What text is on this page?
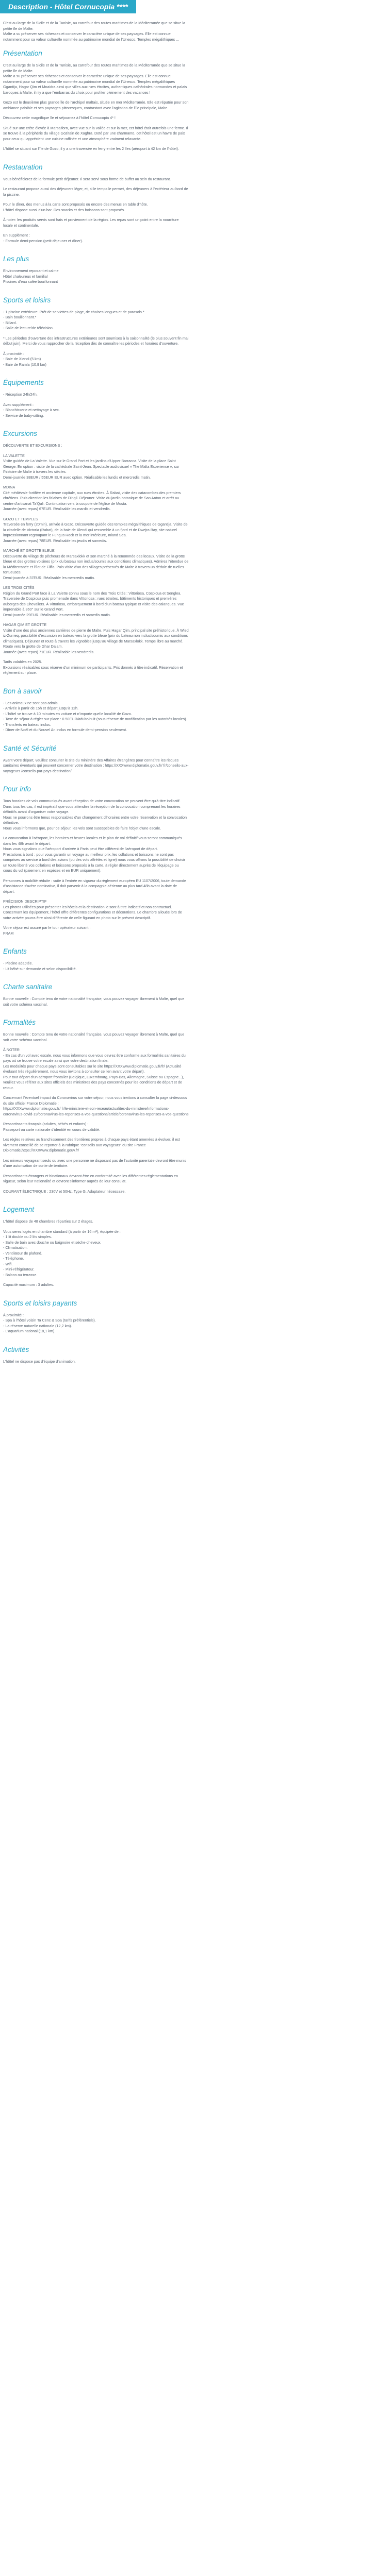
Description - Hôtel Cornucopia ****

C'est au large de la Sicile et de la Tunisie, au carrefour des routes maritimes de la Méditerranée que se situe la petite île de Malte.
Malte a su préserver ses richesses et conserver le caractère unique de ses paysages. Elle est connue notamment pour sa valeur culturelle nommée au patrimoine mondial de l'Unesco. Temples mégalithiques ...

Présentation

C'est au large de la Sicile et de la Tunisie, au carrefour des routes maritimes de la Méditerranée que se situe la petite île de Malte.
Malte a su préserver ses richesses et conserver le caractère unique de ses paysages. Elle est connue notamment pour sa valeur culturelle nommée au patrimoine mondial de l'Unesco. Temples mégalithiques Ggantija, Hagar Qim et Mnaidra ainsi que villes aux rues étroites, authentiques cathédrales normandes et palais baroques à Malte, il n'y a que l'embarras du choix pour profiter pleinement des vacances !

Gozo est le deuxième plus grande île de l'archipel maltais, située en mer Méditerranée. Elle est réputée pour son ambiance paisible et ses paysages pittoresques, contrastant avec l'agitation de l'île principale, Malte.

Découvrez cette magnifique île et séjournez à l'hôtel Cornucopia 4* !

Situé sur une crête élevée à Marsalforn, avec vue sur la vallée et sur la mer, cet hôtel était autrefois une ferme. Il se trouve à la périphérie du village Gozitain de Xagħra. Doté par une charmante, cet hôtel est un havre de paix pour ceux qui apprécient une cuisine raffinée et une atmosphère vraiment relaxante.

L'hôtel se situant sur l'île de Gozo, il y a une traversée en ferry entre les 2 îles (aéroport à 42 km de l'hôtel).

Restauration

Vous bénéficierez de la formule petit déjeuner. Il sera servi sous forme de buffet au sein du restaurant.

Le restaurant propose aussi des déjeuners léger, et, si le temps le permet, des déjeuners à l'extérieur au bord de la piscine.

Pour le dîner, des menus à la carte sont proposés ou encore des menus en table d'hôte.
L'hôtel dispose aussi d'un bar. Des snacks et des boissons sont proposés.

À noter: les produits servis sont frais et proviennent de la région. Les repas sont un point entre la nourriture locale et continentale.

En supplément :
- Formule demi-pension (petit déjeuner et dîner).

Les plus

Environnement reposant et calme
Hôtel chaleureux et familial
Piscines d'eau salée bouillonnant

Sports et loisirs

- 1 piscine extérieure. Prêt de serviettes de plage, de chaises longues et de parasols.*
- Bain bouillonnant.*
- Billard.
- Salle de lecture/de télévision.

* Les périodes d'ouverture des infrastructures extérieures sont soumises à la saisonnalité (le plus souvent fin mai début juin). Merci de vous rapprocher de la réception dès de connaître les périodes et horaires d'ouverture.

À proximité :
- Baie de Xlendi (5 km)
- Baie de Ramla (10,9 km)

Équipements

- Réception 24h/24h.

Avec supplément :
- Blanchisserie et nettoyage à sec.
- Service de baby-sitting.

Excursions

DÉCOUVERTE ET EXCURSIONS :

LA VALETTE
Visite guidée de La Valette. Vue sur le Grand Port et les jardins d'Upper Barracca. Visite de la place Saint George. En option : visite de la cathédrale Saint-Jean. Spectacle audiovisuel « The Malta Experience », sur l'histoire de Malte à travers les siècles.
Demi-journée 38EUR / 55EUR EUR avec option. Réalisable les lundis et mercredis matin.

MDINA
Cité médiévale fortifiée et ancienne capitale, aux rues étroites. À Rabat, visite des catacombes des premiers chrétiens. Puis direction les falaises de Dingli. Déjeuner. Visite du jardin botanique de San Anton et arrêt au centre d'artisanat Ta'Qali. Continuation vers la coupole de l'église de Mosta.
Journée (avec repas) 67EUR. Réalisable les mardis et vendredis.

GOZO ET TEMPLES
Traversée en ferry (20min), arrivée à Gozo. Découverte guidée des temples mégalithiques de Ggantija. Visite de la citadelle de Victoria (Rabat), de la baie de Xlendi qui ressemble à un fjord et de Dwejra Bay, site naturel impressionnant regroupant le Fungus Rock et la mer intérieure, Inland Sea.
Journée (avec repas) 78EUR. Réalisable les jeudis et samedis.

MARCHÉ ET GROTTE BLEUE
Découverte du village de pêcheurs de Marsaxlokk et son marché à la renommée des locaux. Visite de la grotte bleue et des grottes voisines (prix du bateau non inclus/soumis aux conditions climatiques). Admirez l'étendue de la Méditerranée et l'îlot de Filfla. Puis visite d'un des villages préservés de Malte à travers un dédale de ruelles tortueuses.
Demi-journée à 37EUR. Réalisable les mercredis matin.

LES TROIS CITÉS
Région du Grand Port face à La Valette connu sous le nom des Trois Cités : Vittoriosa, Cospicua et Senglea. Traversée de Cospicua puis promenade dans Vittoriosa : rues étroites, bâtiments historiques et premières auberges des Chevaliers. À Vittoriosa, embarquement à bord d'un bateau typique et visite des calanques. Vue imprenable à 360° sur le Grand Port.
Demi-journée 29EUR. Réalisable les mercredis et samedis matin.

HAGAR QIM ET GROTTE
Visite d'une des plus anciennes carrières de pierre de Malte. Puis Hagar Qim, principal site préhistorique. À Wied iż-Żurrieq, possibilité d'excursion en bateau vers la grotte bleue (prix du bateau non inclus/soumis aux conditions climatiques). Déjeuner et route à travers les vignobles jusqu'au village de Marsaxlokk. Temps libre au marché. Route vers la grotte de Ghar Dalam.
Journée (avec repas) 71EUR. Réalisable les vendredis.

Tarifs valables en 2025.
Excursions réalisables sous réserve d'un minimum de participants. Prix donnés à titre indicatif. Réservation et règlement sur place.

Bon à savoir

- Les animaux ne sont pas admis.
- Arrivée à partir de 15h et départ jusqu'à 12h.
- L'hôtel se trouve à 10 minutes en voiture et n'importe quelle localité de Gozo.
- Taxe de séjour à régler sur place : 0.50EUR/adulte/nuit (sous réserve de modification par les autorités locales).
- Transferts en bateau inclus.
- Dîner de Noël et du Nouvel An inclus en formule demi-pension seulement.

Santé et Sécurité

Avant votre départ, veuillez consulter le site du ministère des Affaires étrangères pour connaître les risques sanitaires éventuels qui peuvent concerner votre destination : https://XXXwww.diplomatie.gouv.fr/ fr/conseils-aux-voyageurs /conseils-par-pays-destination/

Pour info

Tous horaires de vols communiqués avant réception de votre convocation ne peuvent être qu'à titre indicatif.
Dans tous les cas, il est impératif que vous attendiez la réception de la convocation comprenant les horaires définitifs avant d'organiser votre voyage.
Nous ne pourrons être tenus responsables d'un changement d'horaires entre votre réservation et la convocation définitive.
Nous vous informons que, pour ce séjour, les vols sont susceptibles de faire l'objet d'une escale.

La convocation à l'aéroport, les horaires et heures locales et le plan de vol définitif vous seront communiqués dans les 48h avant le départ.
Nous vous signalons que l'aéroport d'arrivée à Paris peut être différent de l'aéroport de départ.
Prestations à bord : pour vous garantir un voyage au meilleur prix, les collations et boissons ne sont pas comprises au service à bord des avions (ou des vols affrétés et ligne) nous vous offrons la possibilité de choisir un toute liberté vos collations et boissons proposés à la carte, à régler directement auprès de l'équipage ou cours du vol (paiement en espèces et en EUR uniquement).

Personnes à mobilité réduite : suite à l'entrée en vigueur du règlement européen EU 1107/2006, toute demande d'assistance s'avère nominative, il doit parvenir à la compagnie aérienne au plus tard 48h avant la date de départ.

PRÉCISION DESCRIPTIF
Les photos utilisées pour présenter les hôtels et la destination le sont à titre indicatif et non contractuel. Concernant les équipement, l'hôtel offre différentes configurations et décorations. Le chambre allouée lors de votre arrivée pourra être ainsi différente de celle figurant en photo sur le présent descriptif.

Votre séjour est assuré par le tour opérateur suivant :
FRAM

Enfants

- Piscine adaptée.
- Lit bébé sur demande et selon disponibilité.

Charte sanitaire

Bonne nouvelle : Compte tenu de votre nationalité française, vous pouvez voyager librement à Malte, quel que soit votre schéma vaccinal.

Formalités

Bonne nouvelle : Compte tenu de votre nationalité française, vous pouvez voyager librement à Malte, quel que soit votre schéma vaccinal.

À NOTER
- En cas d'un vol avec escale, nous vous informons que vous devrez être conforme aux formalités sanitaires du pays où se trouve votre escale ainsi que votre destination finale.
Les modalités pour chaque pays sont consultables sur le site https://XXXwww.diplomatie.gouv.fr/fr/ (Actualité évoluant très régulièrement, nous vous invitons à consulter ce lien avant votre départ).
Pour tout départ d'un aéroport frontalier (Belgique, Luxembourg, Pays-Bas, Allemagne, Suisse ou Espagne...), veuillez vous référer aux sites officiels des ministères des pays concernés pour les conditions de départ et de retour.

Concernant l'éventuel impact du Coronavirus sur votre séjour, nous vous invitons à consulter la page ci-dessous du site officiel France Diplomatie :
https://XXXwww.diplomatie.gouv.fr/ fr/le-ministere-et-son-reseau/actualites-du-ministere/informations-coronavirus-covid-19/coronavirus-les-reponses-a-vos-questions/article/coronavirus-les-reponses-a-vos-questions

Ressortissants français (adultes, bébés et enfants) :
Passeport ou carte nationale d'identité en cours de validité.

Les règles relatives au franchissement des frontières propres à chaque pays étant amenées à évoluer, il est vivement conseillé de se reporter à la rubrique "conseils aux voyageurs" du site France Diplomatie,https://XXXwww.diplomatie.gouv.fr/

Les mineurs voyageant seuls ou avec une personne ne disposant pas de l'autorité parentale devront être munis d'une autorisation de sortie de territoire.

Ressortissants étrangers et binationaux devront être en conformité avec les différentes réglementations en vigueur, selon leur nationalité et devront s'informer auprès de leur consulat.

COURANT ÉLECTRIQUE : 230V et 50Hz. Type G. Adaptateur nécessaire.

Logement

L'hôtel dispose de 48 chambres réparties sur 2 étages.

Vous serez logés en chambre standard (à partir de 16 m²), équipée de :
- 1 lit double ou 2 lits simples.
- Salle de bain avec douche ou baignoire et sèche-cheveux.
- Climatisation.
- Ventilateur de plafond.
- Téléphone.
- Wifi.
- Mini-réfrigérateur.
- Balcon ou terrasse.

Capacité maximum : 3 adultes.

Sports et loisirs payants

À proximité :
- Spa à l'hôtel voisin Ta Cenc & Spa (tarifs préférentiels).
- La réserve naturelle nationale (12,2 km).
- L'aquarium national (18,1 km).

Activités

L'hôtel ne dispose pas d'équipe d'animation.
